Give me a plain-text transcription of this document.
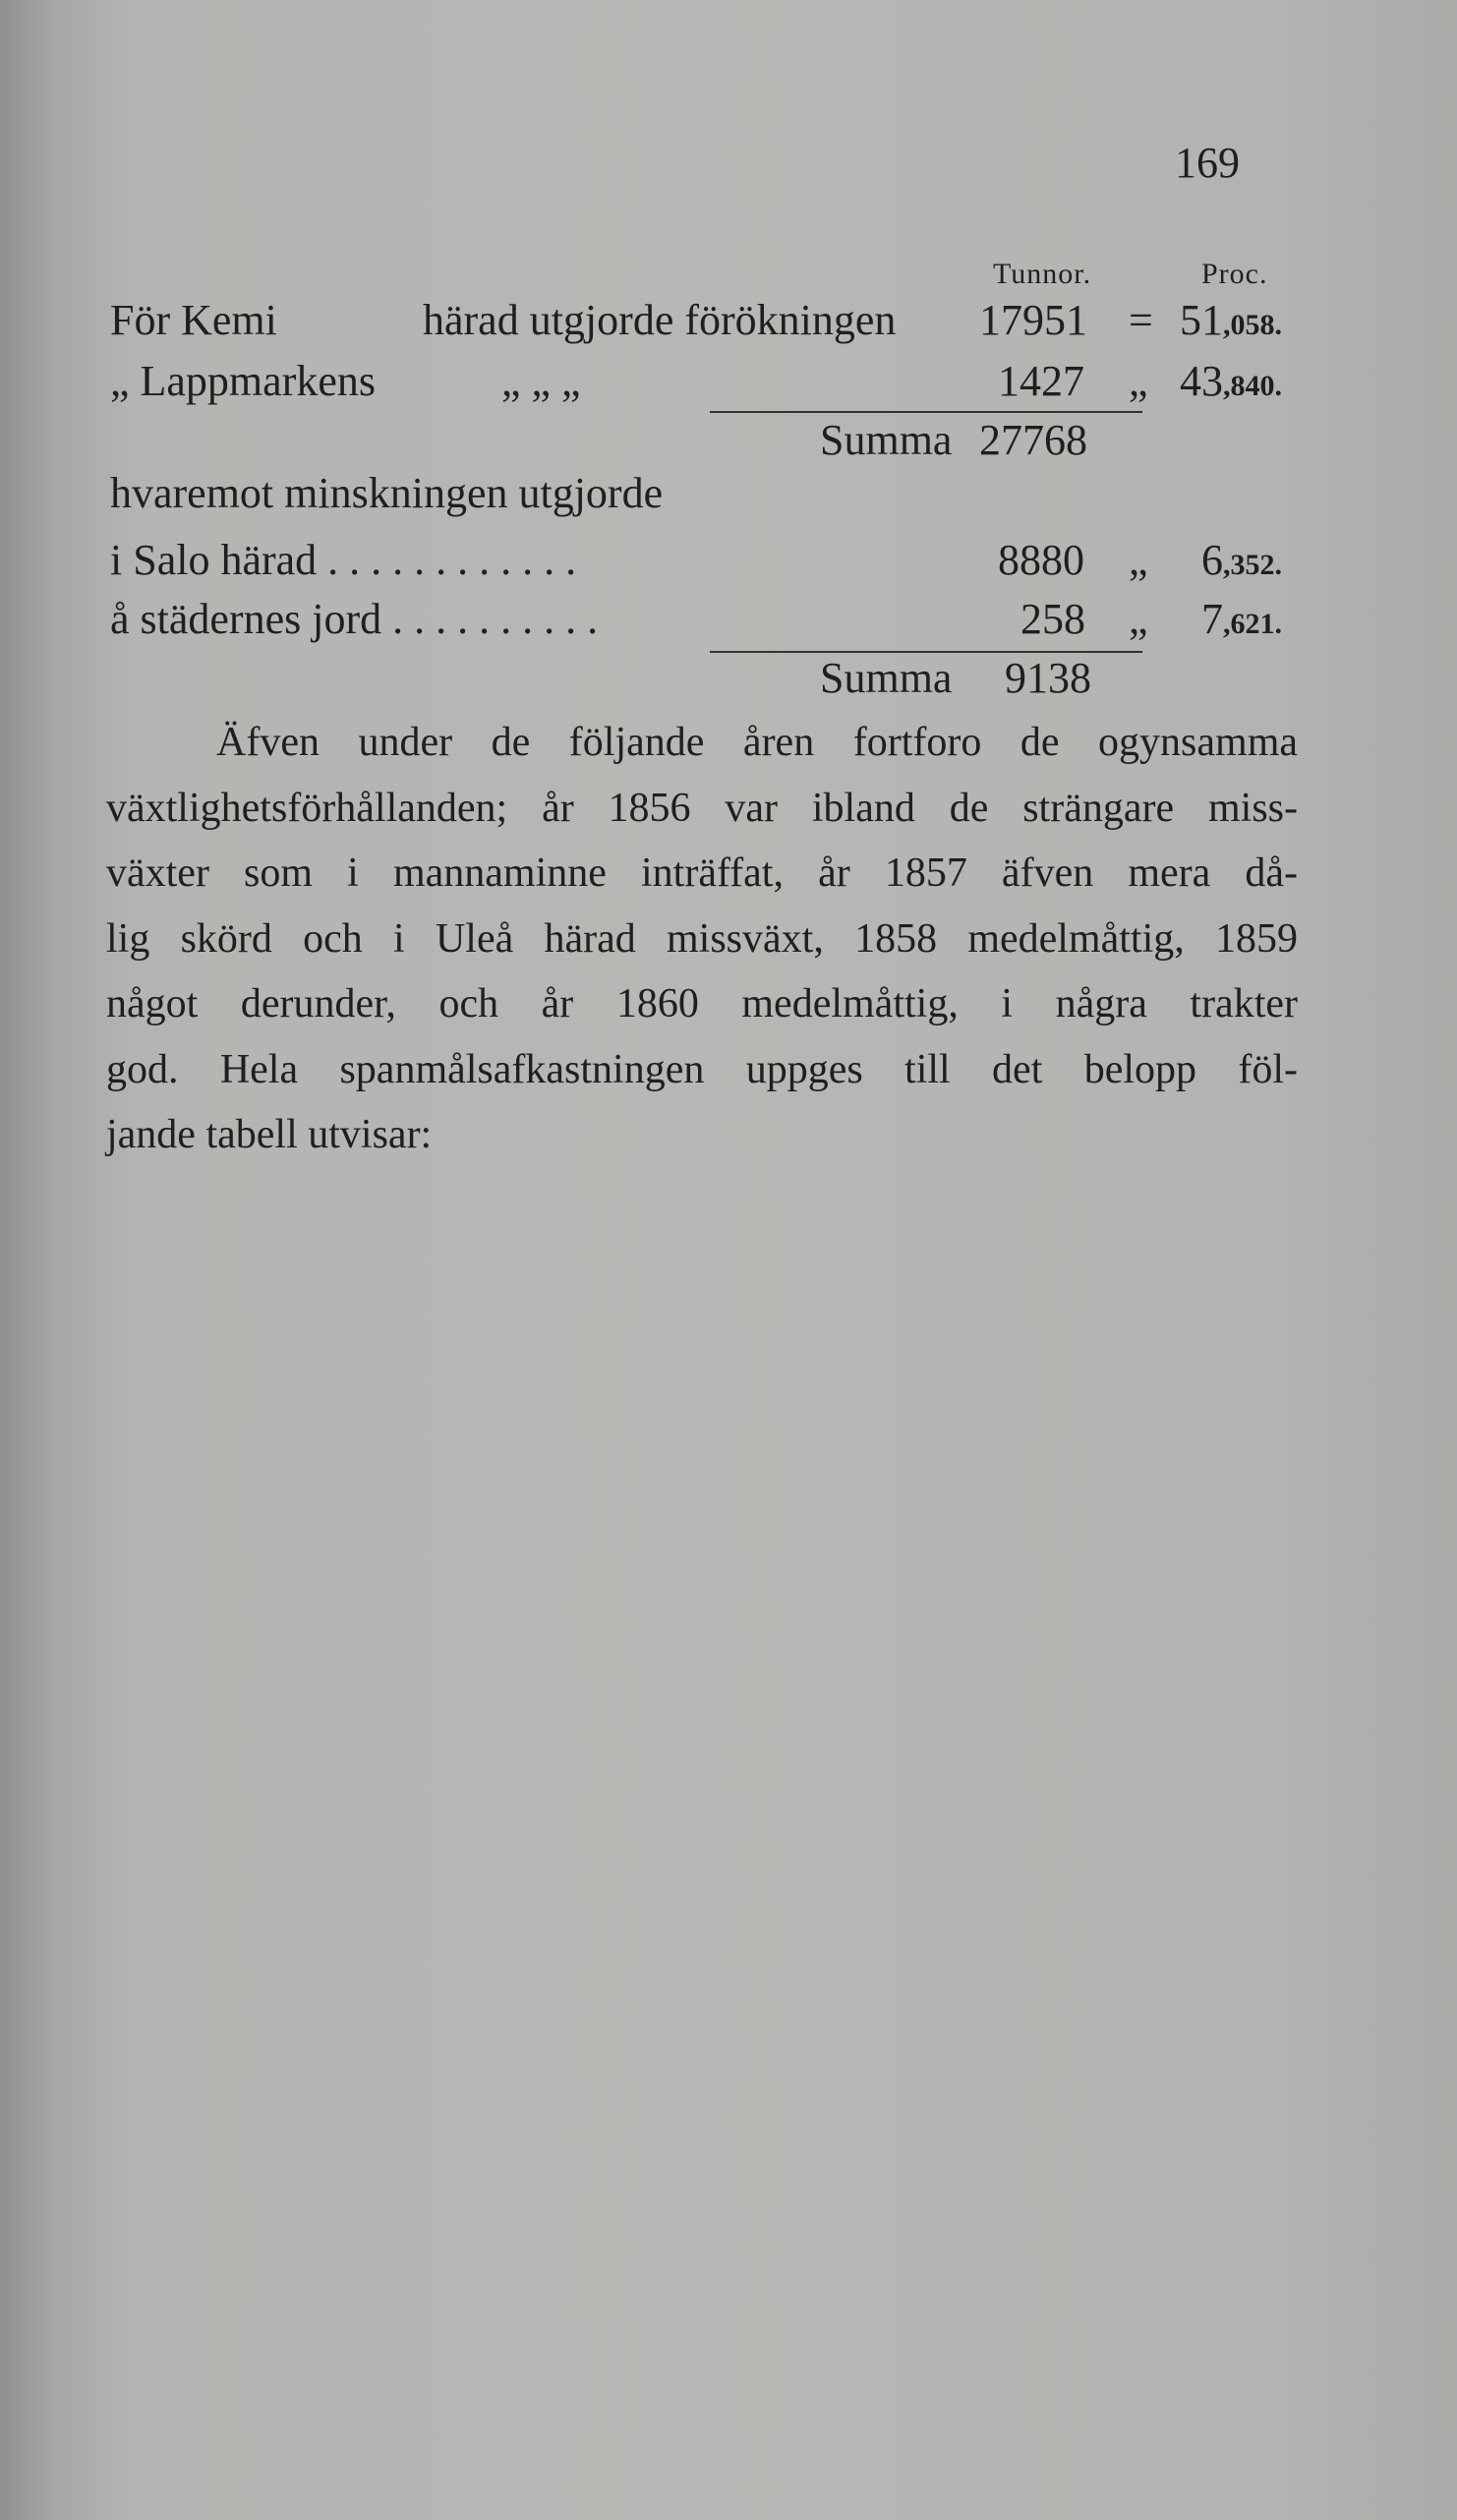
169
Tunnor.	Proc.
För Kemi	härad utgjorde förökningen 17951 = 51,058.
„ Lappmarkens	„ „ „	1427 „ 43,840.
Summa 27768
hvaremot minskningen utgjorde
i Salo härad . . . . . . . . . . . .	8880 „ 6,352.
å städernes jord . . . . . . . . . .	258 „ 7,621.
Summa 9138
Äfven under de följande åren fortforo de ogynsamma
växtlighetsförhållanden; år 1856 var ibland de strängare miss-
växter som i mannaminne inträffat, år 1857 äfven mera då-
lig skörd och i Uleå härad missväxt, 1858 medelmåttig, 1859
något derunder, och år 1860 medelmåttig, i några trakter
god. Hela spanmålsafkastningen uppges till det belopp föl-
jande tabell utvisar:
